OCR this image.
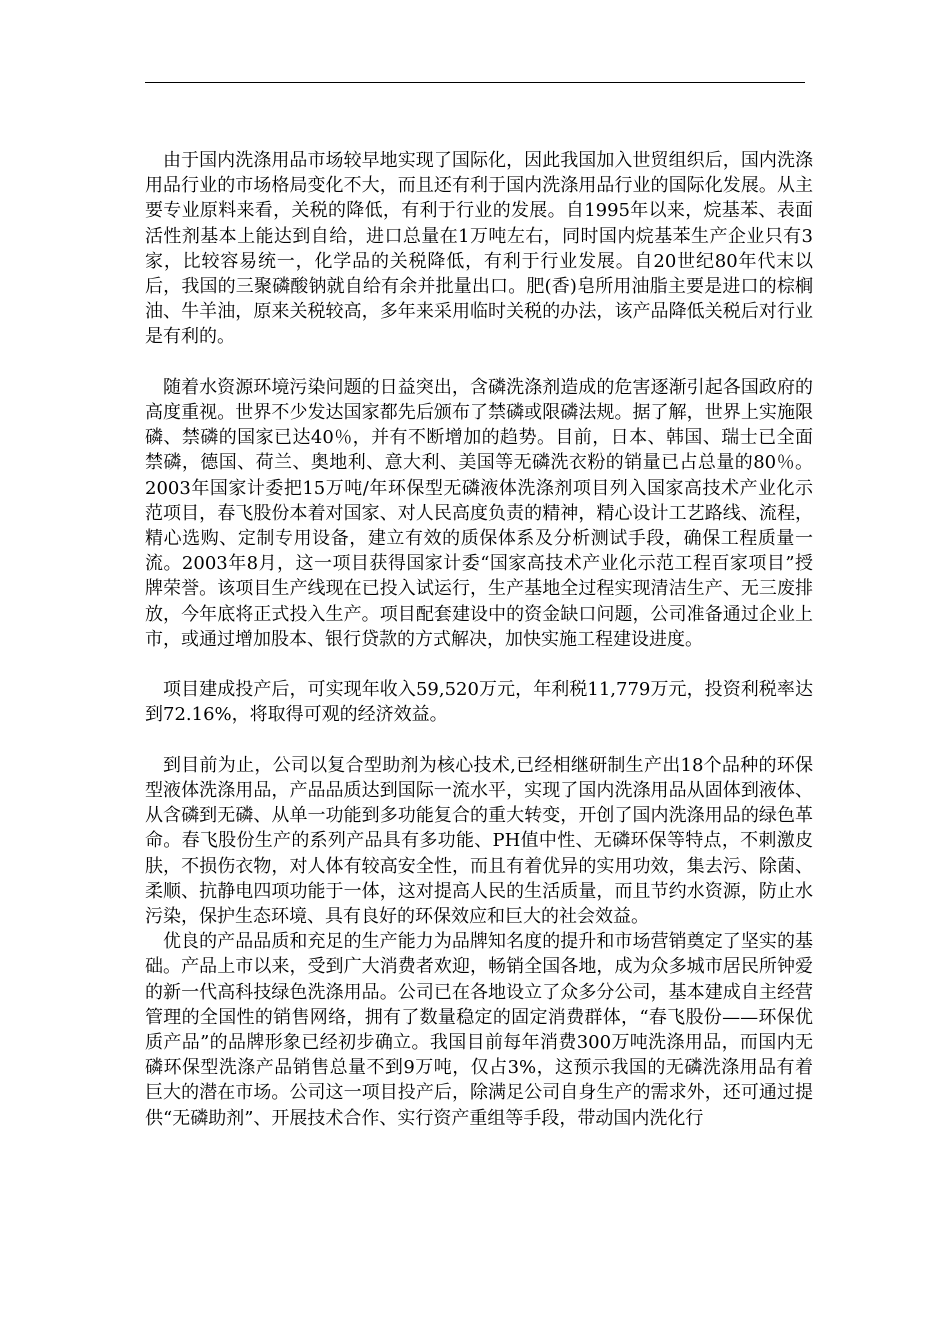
由于国内洗涤用品市场较早地实现了国际化，因此我国加入世贸组织后，国内洗涤用品行业的市场格局变化不大，而且还有利于国内洗涤用品行业的国际化发展。从主要专业原料来看，关税的降低，有利于行业的发展。自1995年以来，烷基苯、表面活性剂基本上能达到自给，进口总量在1万吨左右，同时国内烷基苯生产企业只有3家，比较容易统一，化学品的关税降低，有利于行业发展。自20世纪80年代末以后，我国的三聚磷酸钠就自给有余并批量出口。肥(香)皂所用油脂主要是进口的棕榈油、牛羊油，原来关税较高，多年来采用临时关税的办法，该产品降低关税后对行业是有利的。

随着水资源环境污染问题的日益突出，含磷洗涤剂造成的危害逐渐引起各国政府的高度重视。世界不少发达国家都先后颁布了禁磷或限磷法规。据了解，世界上实施限磷、禁磷的国家已达40％，并有不断增加的趋势。目前，日本、韩国、瑞士已全面禁磷，德国、荷兰、奥地利、意大利、美国等无磷洗衣粉的销量已占总量的80％。2003年国家计委把15万吨/年环保型无磷液体洗涤剂项目列入国家高技术产业化示范项目，春飞股份本着对国家、对人民高度负责的精神，精心设计工艺路线、流程，精心选购、定制专用设备，建立有效的质保体系及分析测试手段，确保工程质量一流。2003年8月，这一项目获得国家计委“国家高技术产业化示范工程百家项目”授牌荣誉。该项目生产线现在已投入试运行，生产基地全过程实现清洁生产、无三废排放，今年底将正式投入生产。项目配套建设中的资金缺口问题，公司准备通过企业上市，或通过增加股本、银行贷款的方式解决，加快实施工程建设进度。

项目建成投产后，可实现年收入59,520万元，年利税11,779万元，投资利税率达到72.16%，将取得可观的经济效益。

到目前为止，公司以复合型助剂为核心技术,已经相继研制生产出18个品种的环保型液体洗涤用品，产品品质达到国际一流水平，实现了国内洗涤用品从固体到液体、从含磷到无磷、从单一功能到多功能复合的重大转变，开创了国内洗涤用品的绿色革命。春飞股份生产的系列产品具有多功能、PH值中性、无磷环保等特点，不刺激皮肤，不损伤衣物，对人体有较高安全性，而且有着优异的实用功效，集去污、除菌、柔顺、抗静电四项功能于一体，这对提高人民的生活质量，而且节约水资源，防止水污染，保护生态环境、具有良好的环保效应和巨大的社会效益。

优良的产品品质和充足的生产能力为品牌知名度的提升和市场营销奠定了坚实的基础。产品上市以来，受到广大消费者欢迎，畅销全国各地，成为众多城市居民所钟爱的新一代高科技绿色洗涤用品。公司已在各地设立了众多分公司，基本建成自主经营管理的全国性的销售网络，拥有了数量稳定的固定消费群体，“春飞股份——环保优质产品”的品牌形象已经初步确立。我国目前每年消费300万吨洗涤用品，而国内无磷环保型洗涤产品销售总量不到9万吨，仅占3%，这预示我国的无磷洗涤用品有着巨大的潜在市场。公司这一项目投产后，除满足公司自身生产的需求外，还可通过提供“无磷助剂”、开展技术合作、实行资产重组等手段，带动国内洗化行
